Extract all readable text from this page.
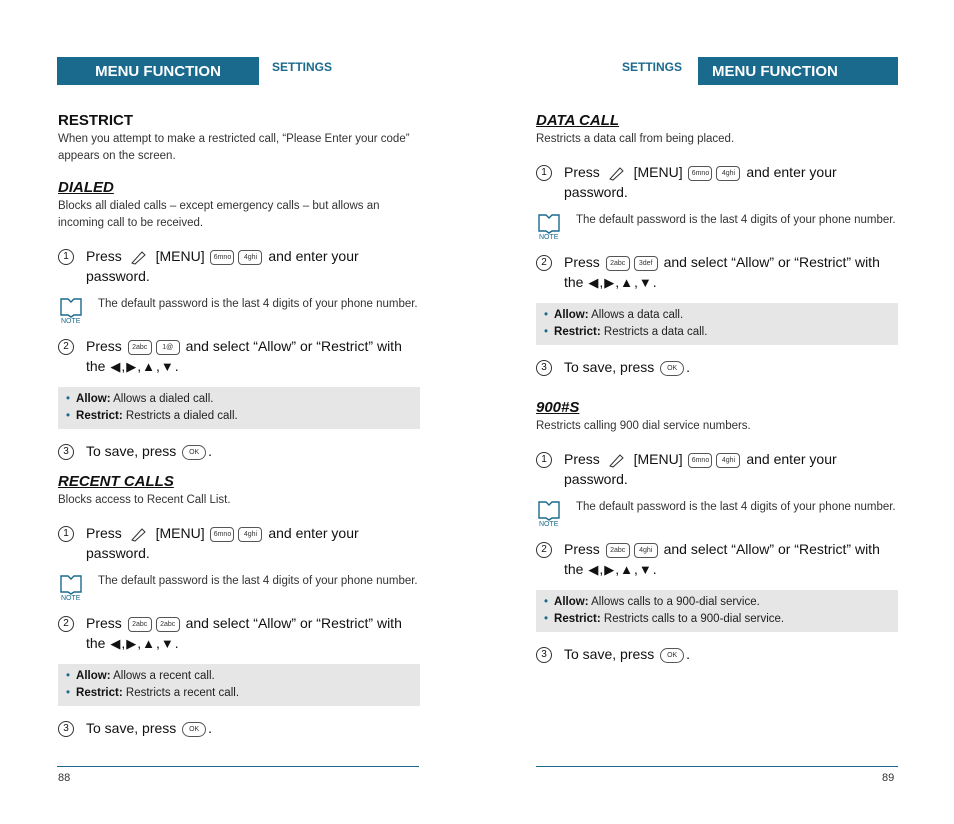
MENU FUNCTION	SETTINGS	SETTINGS MENU FUNCTION
RESTRICT

When you attempt to make a restricted call, “Please Enter your code” appears on the screen.

DIALED

Blocks all dialed calls – except emergency calls – but allows an incoming call to be received.

1	Press [MENU] 6mno 4ghi and enter your password.
NOTE
The default password is the last 4 digits of your phone number.
2	Press 2abc 1@ and select “Allow” or “Restrict” with
the ◀,▶,▲,▼.
• Allow: Allows a dialed call.
• Restrict: Restricts a dialed call.
3	To save, press OK .
RECENT CALLS

Blocks access to Recent Call List.

1	Press [MENU] 6mno 4ghi and enter your password.
NOTE
The default password is the last 4 digits of your phone number.
2	Press 2abc 2abc and select “Allow” or “Restrict” with
the ◀,▶,▲,▼.
• Allow: Allows a recent call.
• Restrict: Restricts a recent call.
3	To save, press OK .
DATA CALL

Restricts a data call from being placed.

1	Press [MENU] 6mno 4ghi and enter your password.
NOTE
The default password is the last 4 digits of your phone number.
2	Press 2abc 3def and select “Allow” or “Restrict” with
the ◀,▶,▲,▼.
• Allow: Allows a data call.
• Restrict: Restricts a data call.
3	To save, press OK .
900#S

Restricts calling 900 dial service numbers.

1	Press [MENU] 6mno 4ghi and enter your password.
NOTE
The default password is the last 4 digits of your phone number.
2	Press 2abc 4ghi and select “Allow” or “Restrict” with
the ◀,▶,▲,▼.
• Allow: Allows calls to a 900-dial service.
• Restrict: Restricts calls to a 900-dial service.
3	To save, press OK .
88	89
